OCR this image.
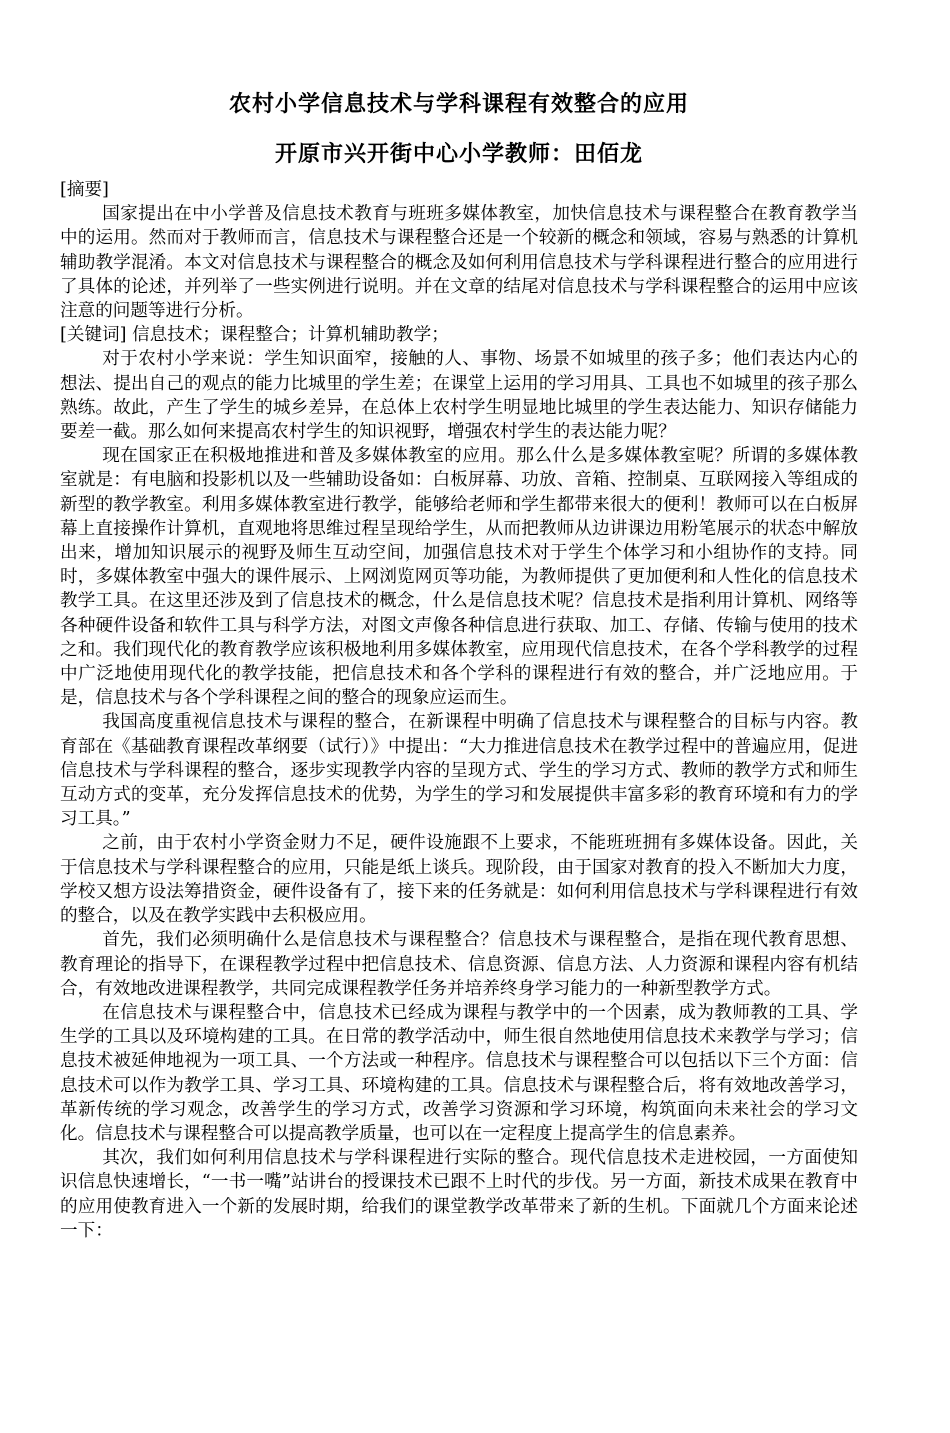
农村小学信息技术与学科课程有效整合的应用
开原市兴开街中心小学教师：田佰龙

[摘要]

国家提出在中小学普及信息技术教育与班班多媒体教室，加快信息技术与课程整合在教育教学当中的运用。然而对于教师而言，信息技术与课程整合还是一个较新的概念和领域，容易与熟悉的计算机辅助教学混淆。本文对信息技术与课程整合的概念及如何利用信息技术与学科课程进行整合的应用进行了具体的论述，并列举了一些实例进行说明。并在文章的结尾对信息技术与学科课程整合的运用中应该注意的问题等进行分析。

[关键词] 信息技术；课程整合；计算机辅助教学；

对于农村小学来说：学生知识面窄，接触的人、事物、场景不如城里的孩子多；他们表达内心的想法、提出自己的观点的能力比城里的学生差；在课堂上运用的学习用具、工具也不如城里的孩子那么熟练。故此，产生了学生的城乡差异，在总体上农村学生明显地比城里的学生表达能力、知识存储能力要差一截。那么如何来提高农村学生的知识视野，增强农村学生的表达能力呢？

现在国家正在积极地推进和普及多媒体教室的应用。那么什么是多媒体教室呢？所谓的多媒体教室就是：有电脑和投影机以及一些辅助设备如：白板屏幕、功放、音箱、控制桌、互联网接入等组成的新型的教学教室。利用多媒体教室进行教学，能够给老师和学生都带来很大的便利！教师可以在白板屏幕上直接操作计算机，直观地将思维过程呈现给学生，从而把教师从边讲课边用粉笔展示的状态中解放出来，增加知识展示的视野及师生互动空间，加强信息技术对于学生个体学习和小组协作的支持。同时，多媒体教室中强大的课件展示、上网浏览网页等功能，为教师提供了更加便利和人性化的信息技术教学工具。在这里还涉及到了信息技术的概念，什么是信息技术呢？信息技术是指利用计算机、网络等各种硬件设备和软件工具与科学方法，对图文声像各种信息进行获取、加工、存储、传输与使用的技术之和。我们现代化的教育教学应该积极地利用多媒体教室，应用现代信息技术，在各个学科教学的过程中广泛地使用现代化的教学技能，把信息技术和各个学科的课程进行有效的整合，并广泛地应用。于是，信息技术与各个学科课程之间的整合的现象应运而生。

我国高度重视信息技术与课程的整合，在新课程中明确了信息技术与课程整合的目标与内容。教育部在《基础教育课程改革纲要（试行）》中提出：“大力推进信息技术在教学过程中的普遍应用，促进信息技术与学科课程的整合，逐步实现教学内容的呈现方式、学生的学习方式、教师的教学方式和师生互动方式的变革，充分发挥信息技术的优势，为学生的学习和发展提供丰富多彩的教育环境和有力的学习工具。”

之前，由于农村小学资金财力不足，硬件设施跟不上要求，不能班班拥有多媒体设备。因此，关于信息技术与学科课程整合的应用，只能是纸上谈兵。现阶段，由于国家对教育的投入不断加大力度，学校又想方设法筹措资金，硬件设备有了，接下来的任务就是：如何利用信息技术与学科课程进行有效的整合，以及在教学实践中去积极应用。

首先，我们必须明确什么是信息技术与课程整合？信息技术与课程整合，是指在现代教育思想、教育理论的指导下，在课程教学过程中把信息技术、信息资源、信息方法、人力资源和课程内容有机结合，有效地改进课程教学，共同完成课程教学任务并培养终身学习能力的一种新型教学方式。

在信息技术与课程整合中，信息技术已经成为课程与教学中的一个因素，成为教师教的工具、学生学的工具以及环境构建的工具。在日常的教学活动中，师生很自然地使用信息技术来教学与学习；信息技术被延伸地视为一项工具、一个方法或一种程序。信息技术与课程整合可以包括以下三个方面：信息技术可以作为教学工具、学习工具、环境构建的工具。信息技术与课程整合后，将有效地改善学习，革新传统的学习观念，改善学生的学习方式，改善学习资源和学习环境，构筑面向未来社会的学习文化。信息技术与课程整合可以提高教学质量，也可以在一定程度上提高学生的信息素养。

其次，我们如何利用信息技术与学科课程进行实际的整合。现代信息技术走进校园，一方面使知识信息快速增长，“一书一嘴”站讲台的授课技术已跟不上时代的步伐。另一方面，新技术成果在教育中的应用使教育进入一个新的发展时期，给我们的课堂教学改革带来了新的生机。下面就几个方面来论述一下：
